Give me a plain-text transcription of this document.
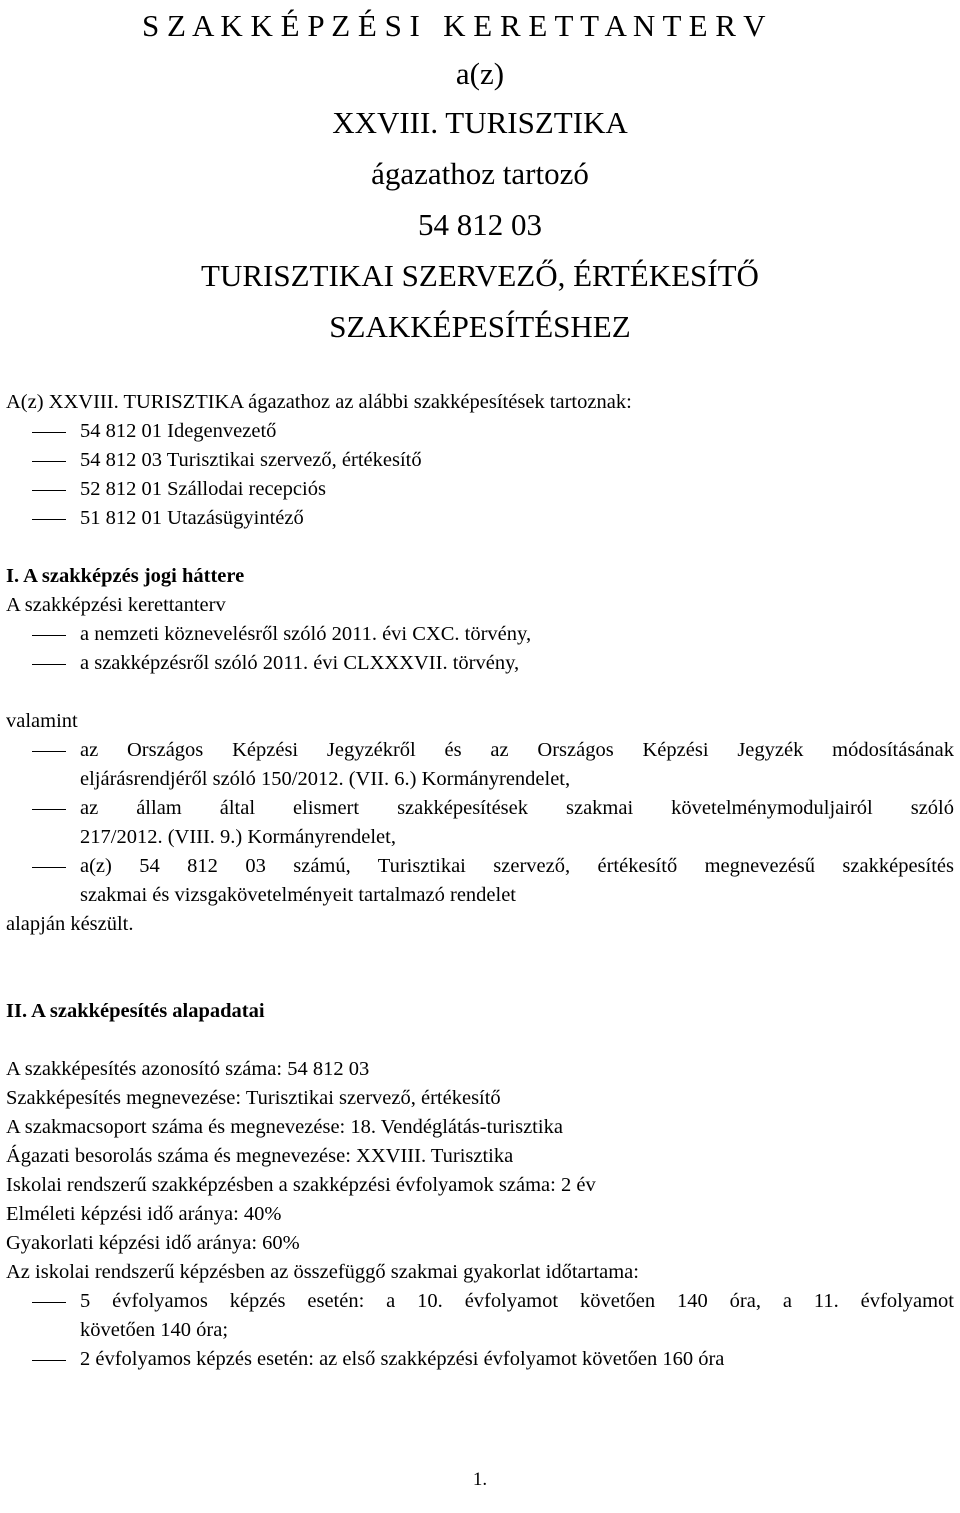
S Z A K K É P Z É S I   K E R E T T A N T E R V
a(z)
XXVIII. TURISZTIKA
ágazathoz tartozó
54 812 03
TURISZTIKAI SZERVEZŐ, ÉRTÉKESÍTŐ
SZAKKÉPESÍTÉSHEZ
A(z) XXVIII. TURISZTIKA ágazathoz az alábbi szakképesítések tartoznak:
54 812 01 Idegenvezető
54 812 03 Turisztikai szervező, értékesítő
52 812 01 Szállodai recepciós
51 812 01 Utazásügyintéző
I. A szakképzés jogi háttere
A szakképzési kerettanterv
a nemzeti köznevelésről szóló 2011. évi CXC. törvény,
a szakképzésről szóló 2011. évi CLXXXVII. törvény,
valamint
az Országos Képzési Jegyzékről és az Országos Képzési Jegyzék módosításának
eljárásrendjéről szóló 150/2012. (VII. 6.) Kormányrendelet,
az állam által elismert szakképesítések szakmai követelménymoduljairól szóló
217/2012. (VIII. 9.) Kormányrendelet,
a(z) 54 812 03 számú, Turisztikai szervező, értékesítő megnevezésű szakképesítés
szakmai és vizsgakövetelményeit tartalmazó rendelet
alapján készült.
II. A szakképesítés alapadatai
A szakképesítés azonosító száma: 54 812 03
Szakképesítés megnevezése: Turisztikai szervező, értékesítő
A szakmacsoport száma és megnevezése: 18. Vendéglátás-turisztika
Ágazati besorolás száma és megnevezése: XXVIII. Turisztika
Iskolai rendszerű szakképzésben a szakképzési évfolyamok száma: 2 év
Elméleti képzési idő aránya: 40%
Gyakorlati képzési idő aránya: 60%
Az iskolai rendszerű képzésben az összefüggő szakmai gyakorlat időtartama:
5 évfolyamos képzés esetén: a 10. évfolyamot követően 140 óra, a 11. évfolyamot
követően 140 óra;
2 évfolyamos képzés esetén: az első szakképzési évfolyamot követően 160 óra
1.
